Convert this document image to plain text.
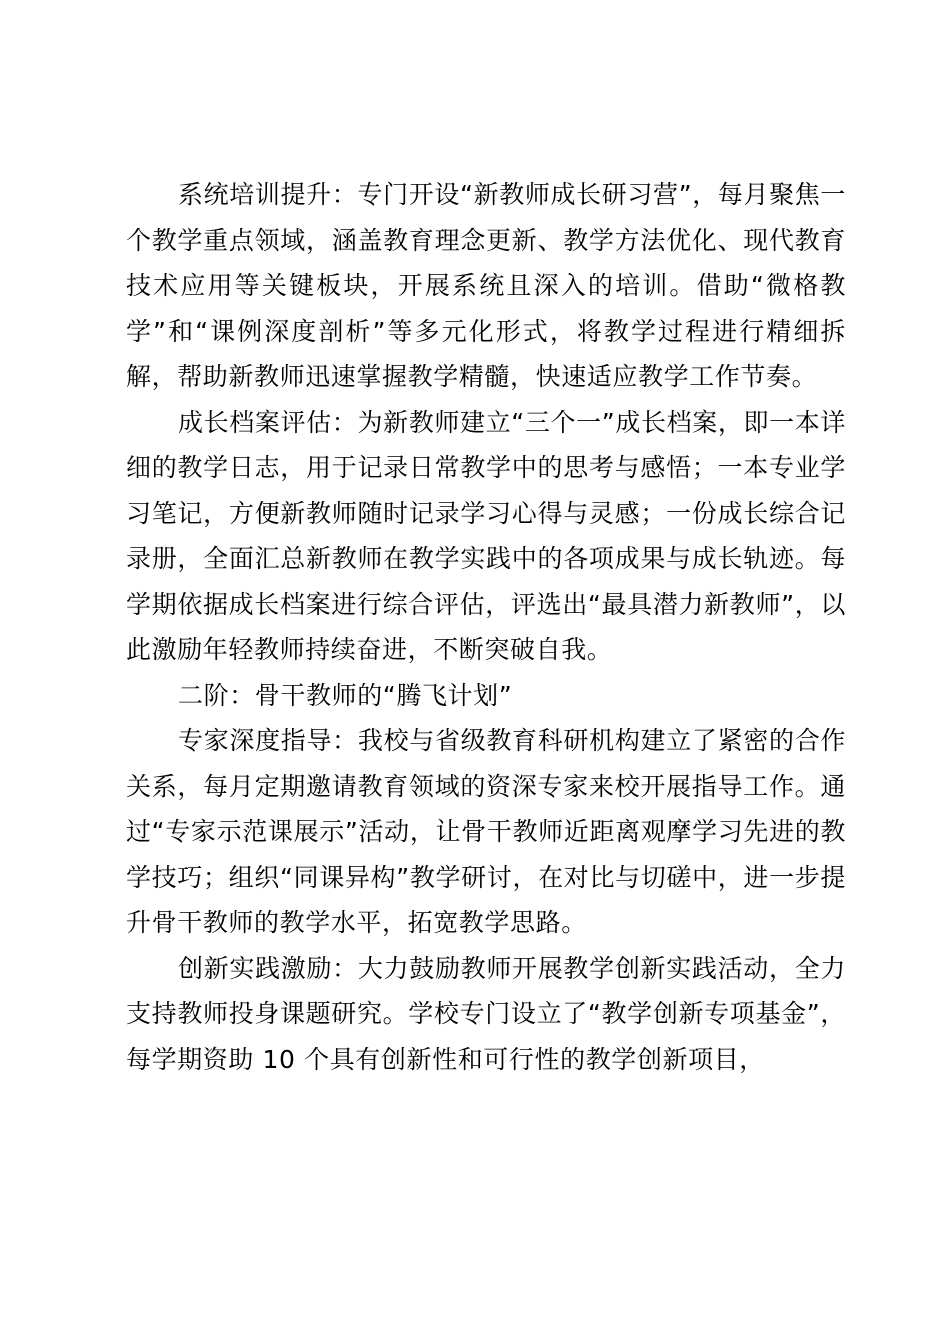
系统培训提升：专门开设“新教师成长研习营”，每月聚焦一个教学重点领域，涵盖教育理念更新、教学方法优化、现代教育技术应用等关键板块，开展系统且深入的培训。借助“微格教学”和“课例深度剖析”等多元化形式，将教学过程进行精细拆解，帮助新教师迅速掌握教学精髓，快速适应教学工作节奏。

成长档案评估：为新教师建立“三个一”成长档案，即一本详细的教学日志，用于记录日常教学中的思考与感悟；一本专业学习笔记，方便新教师随时记录学习心得与灵感；一份成长综合记录册，全面汇总新教师在教学实践中的各项成果与成长轨迹。每学期依据成长档案进行综合评估，评选出“最具潜力新教师”，以此激励年轻教师持续奋进，不断突破自我。

二阶：骨干教师的“腾飞计划”

专家深度指导：我校与省级教育科研机构建立了紧密的合作关系，每月定期邀请教育领域的资深专家来校开展指导工作。通过“专家示范课展示”活动，让骨干教师近距离观摩学习先进的教学技巧；组织“同课异构”教学研讨，在对比与切磋中，进一步提升骨干教师的教学水平，拓宽教学思路。

创新实践激励：大力鼓励教师开展教学创新实践活动，全力支持教师投身课题研究。学校专门设立了“教学创新专项基金”，每学期资助 10 个具有创新性和可行性的教学创新项目，
